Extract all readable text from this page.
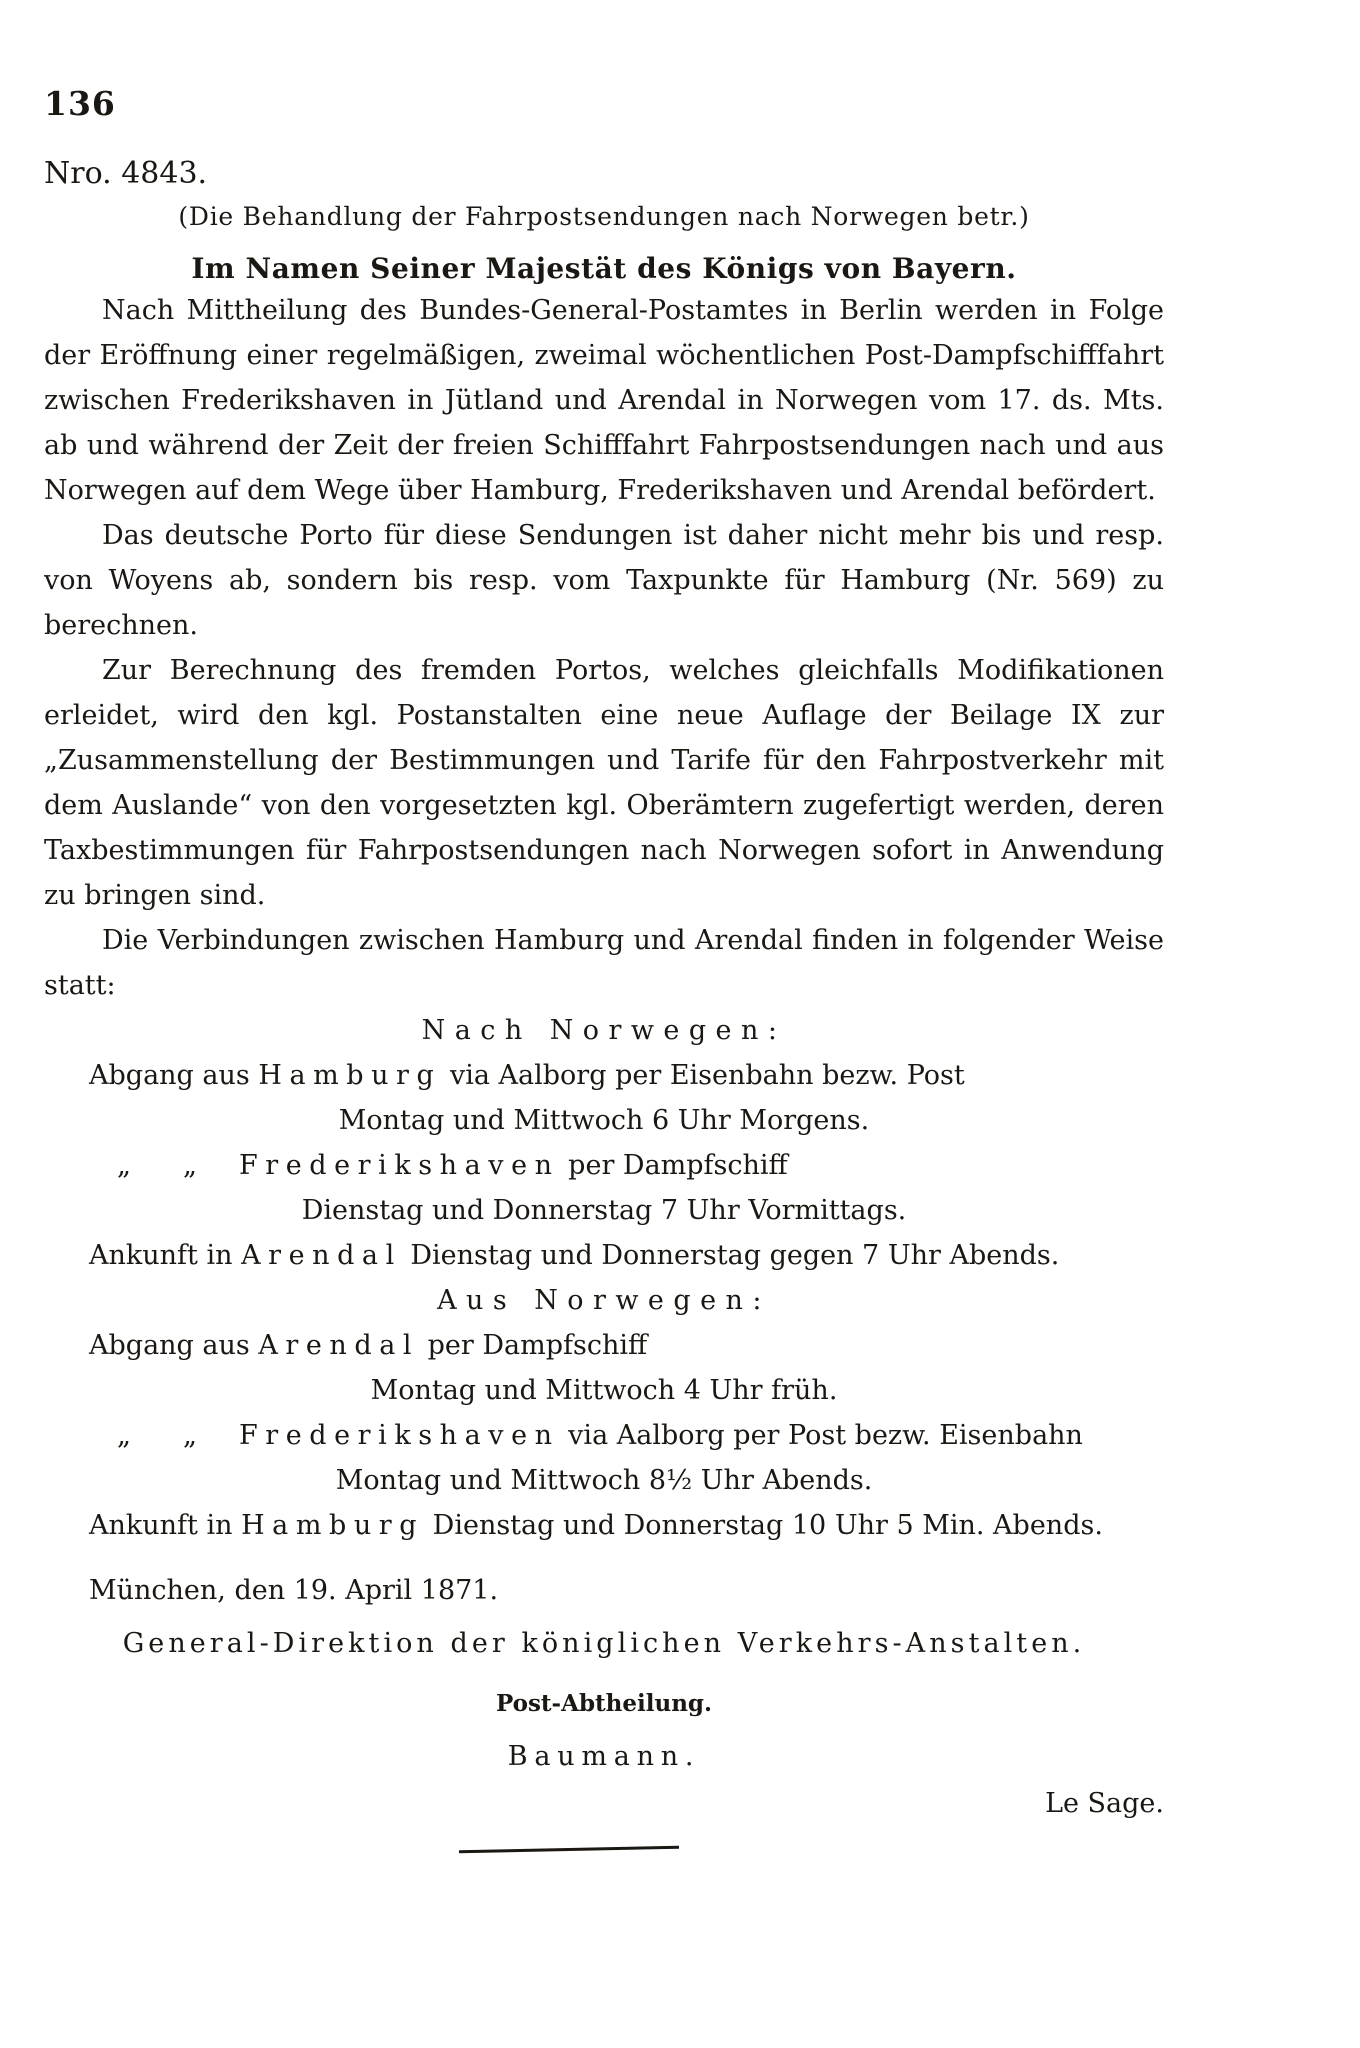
136
Nro. 4843.
(Die Behandlung der Fahrpostsendungen nach Norwegen betr.)
Im Namen Seiner Majestät des Königs von Bayern.

Nach Mittheilung des Bundes-General-Postamtes in Berlin werden in Folge der Eröffnung einer regelmäßigen, zweimal wöchentlichen Post-Dampfschifffahrt zwischen Frederikshaven in Jütland und Arendal in Norwegen vom 17. ds. Mts. ab und während der Zeit der freien Schifffahrt Fahrpostsendungen nach und aus Norwegen auf dem Wege über Hamburg, Frederikshaven und Arendal befördert.

Das deutsche Porto für diese Sendungen ist daher nicht mehr bis und resp. von Woyens ab, sondern bis resp. vom Taxpunkte für Hamburg (Nr. 569) zu berechnen.

Zur Berechnung des fremden Portos, welches gleichfalls Modifikationen erleidet, wird den kgl. Postanstalten eine neue Auflage der Beilage IX zur „Zusammenstellung der Bestimmungen und Tarife für den Fahrpostverkehr mit dem Auslande“ von den vorgesetzten kgl. Oberämtern zugefertigt werden, deren Taxbestimmungen für Fahrpostsendungen nach Norwegen sofort in Anwendung zu bringen sind.

Die Verbindungen zwischen Hamburg und Arendal finden in folgender Weise statt:

Nach Norwegen:
Abgang aus Hamburg via Aalborg per Eisenbahn bezw. Post
Montag und Mittwoch 6 Uhr Morgens.
„ „ Frederikshaven per Dampfschiff
Dienstag und Donnerstag 7 Uhr Vormittags.
Ankunft in Arendal Dienstag und Donnerstag gegen 7 Uhr Abends.
Aus Norwegen:
Abgang aus Arendal per Dampfschiff
Montag und Mittwoch 4 Uhr früh.
„ „ Frederikshaven via Aalborg per Post bezw. Eisenbahn
Montag und Mittwoch 8½ Uhr Abends.
Ankunft in Hamburg Dienstag und Donnerstag 10 Uhr 5 Min. Abends.
München, den 19. April 1871.
General-Direktion der königlichen Verkehrs-Anstalten.
Post-Abtheilung.
Baumann.
Le Sage.
